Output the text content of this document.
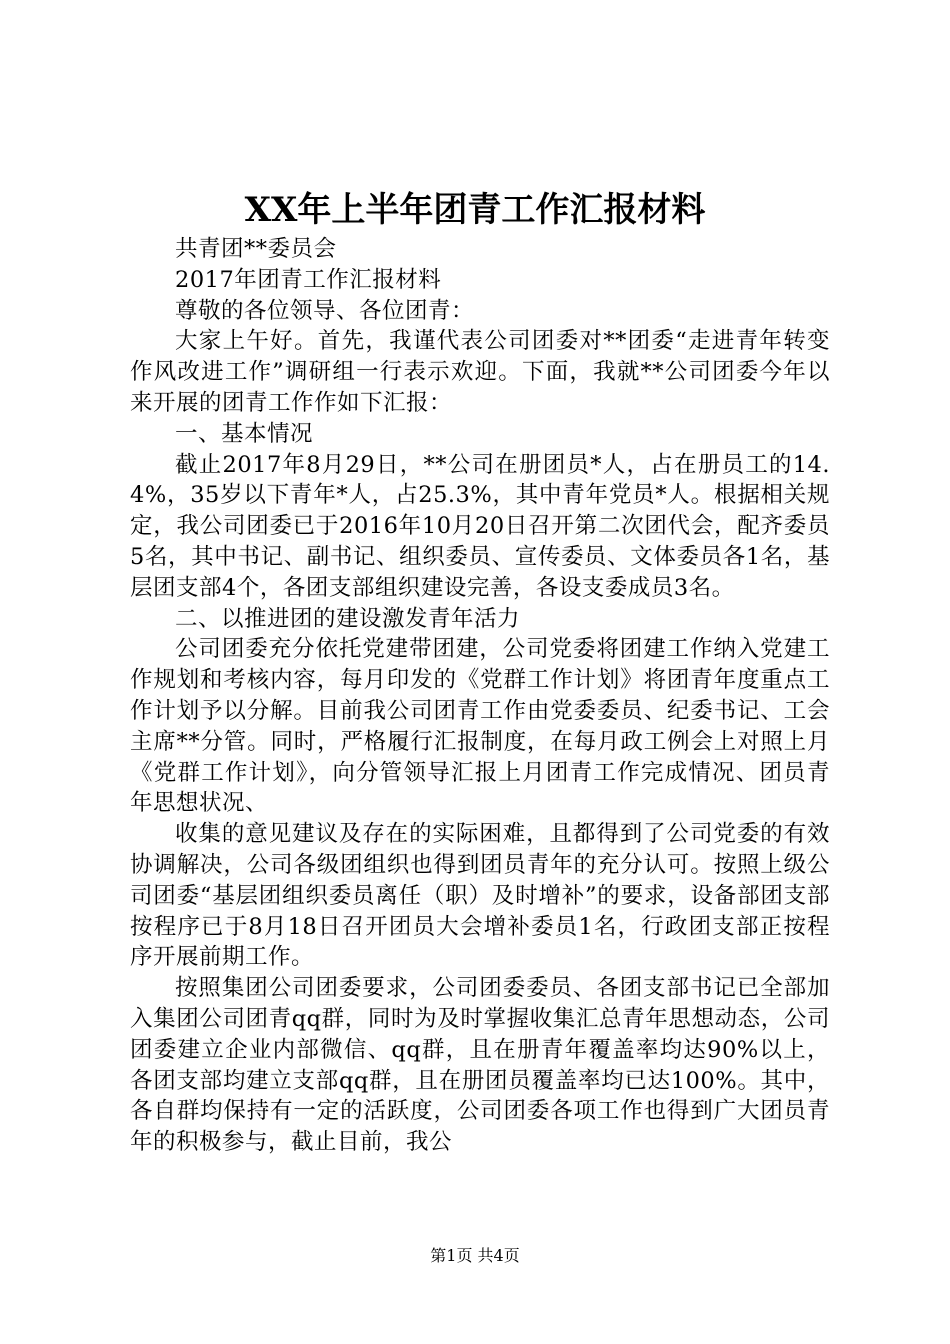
XX年上半年团青工作汇报材料

共青团**委员会

2017年团青工作汇报材料

尊敬的各位领导、各位团青：

大家上午好。首先，我谨代表公司团委对**团委“走进青年转变作风改进工作”调研组一行表示欢迎。下面，我就**公司团委今年以来开展的团青工作作如下汇报：

一、基本情况

截止2017年8月29日，**公司在册团员*人，占在册员工的14.4%，35岁以下青年*人，占25.3%，其中青年党员*人。根据相关规定，我公司团委已于2016年10月20日召开第二次团代会，配齐委员5名，其中书记、副书记、组织委员、宣传委员、文体委员各1名，基层团支部4个，各团支部组织建设完善，各设支委成员3名。

二、以推进团的建设激发青年活力

公司团委充分依托党建带团建，公司党委将团建工作纳入党建工作规划和考核内容，每月印发的《党群工作计划》将团青年度重点工作计划予以分解。目前我公司团青工作由党委委员、纪委书记、工会主席**分管。同时，严格履行汇报制度，在每月政工例会上对照上月《党群工作计划》，向分管领导汇报上月团青工作完成情况、团员青年思想状况、

收集的意见建议及存在的实际困难，且都得到了公司党委的有效协调解决，公司各级团组织也得到团员青年的充分认可。按照上级公司团委“基层团组织委员离任（职）及时增补”的要求，设备部团支部按程序已于8月18日召开团员大会增补委员1名，行政团支部正按程序开展前期工作。

按照集团公司团委要求，公司团委委员、各团支部书记已全部加入集团公司团青qq群，同时为及时掌握收集汇总青年思想动态，公司团委建立企业内部微信、qq群，且在册青年覆盖率均达90%以上，各团支部均建立支部qq群，且在册团员覆盖率均已达100%。其中，各自群均保持有一定的活跃度，公司团委各项工作也得到广大团员青年的积极参与，截止目前，我公

第1页 共4页
